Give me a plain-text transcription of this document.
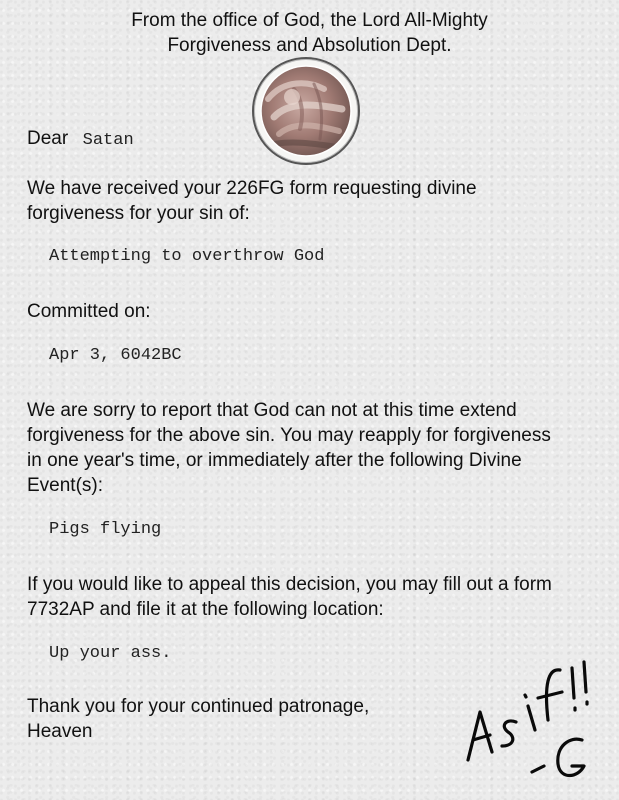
From the office of God, the Lord All-Mighty
Forgiveness and Absolution Dept.
Dear Satan
We have received your 226FG form requesting divine
forgiveness for your sin of:
Attempting to overthrow God
Committed on:
Apr 3, 6042BC
We are sorry to report that God can not at this time extend
forgiveness for the above sin. You may reapply for forgiveness
in one year's time, or immediately after the following Divine
Event(s):
Pigs flying
If you would like to appeal this decision, you may fill out a form
7732AP and file it at the following location:
Up your ass.
Thank you for your continued patronage,
Heaven
